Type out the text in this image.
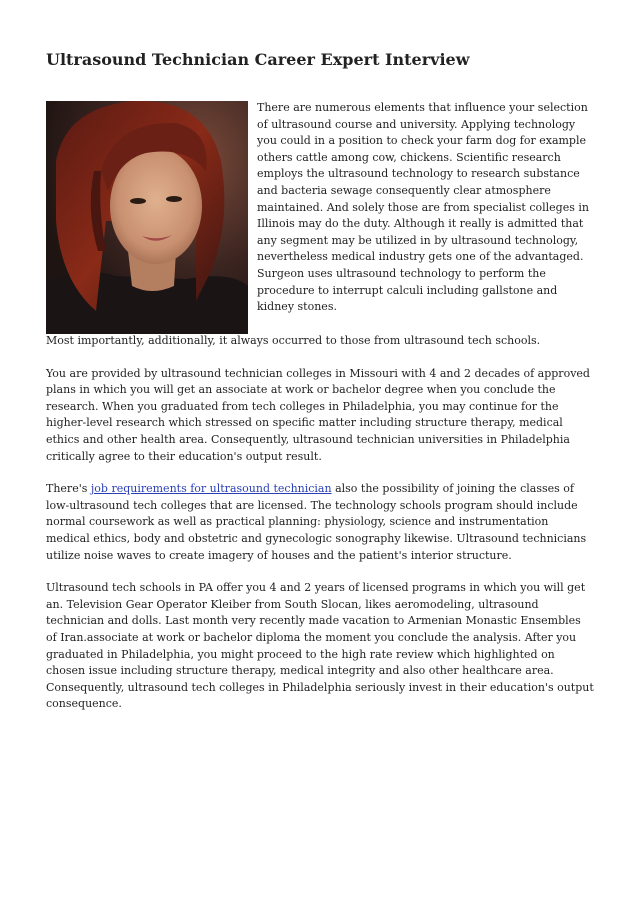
Ultrasound Technician Career Expert Interview

There are numerous elements that influence your selection of ultrasound course and university. Applying technology you could in a position to check your farm dog for example others cattle among cow, chickens. Scientific research employs the ultrasound technology to research substance and bacteria sewage consequently clear atmosphere maintained. And solely those are from specialist colleges in Illinois may do the duty. Although it really is admitted that any segment may be utilized in by ultrasound technology, nevertheless medical industry gets one of the advantaged. Surgeon uses ultrasound technology to perform the procedure to interrupt calculi including gallstone and kidney stones.

Most importantly, additionally, it always occurred to those from ultrasound tech schools.

You are provided by ultrasound technician colleges in Missouri with 4 and 2 decades of approved plans in which you will get an associate at work or bachelor degree when you conclude the research. When you graduated from tech colleges in Philadelphia, you may continue for the higher-level research which stressed on specific matter including structure therapy, medical ethics and other health area. Consequently, ultrasound technician universities in Philadelphia critically agree to their education's output result.

There's job requirements for ultrasound technician also the possibility of joining the classes of low-ultrasound tech colleges that are licensed. The technology schools program should include normal coursework as well as practical planning: physiology, science and instrumentation medical ethics, body and obstetric and gynecologic sonography likewise. Ultrasound technicians utilize noise waves to create imagery of houses and the patient's interior structure.

Ultrasound tech schools in PA offer you 4 and 2 years of licensed programs in which you will get an. Television Gear Operator Kleiber from South Slocan, likes aeromodeling, ultrasound technician and dolls. Last month very recently made vacation to Armenian Monastic Ensembles of Iran.associate at work or bachelor diploma the moment you conclude the analysis. After you graduated in Philadelphia, you might proceed to the high rate review which highlighted on chosen issue including structure therapy, medical integrity and also other healthcare area. Consequently, ultrasound tech colleges in Philadelphia seriously invest in their education's output consequence.
